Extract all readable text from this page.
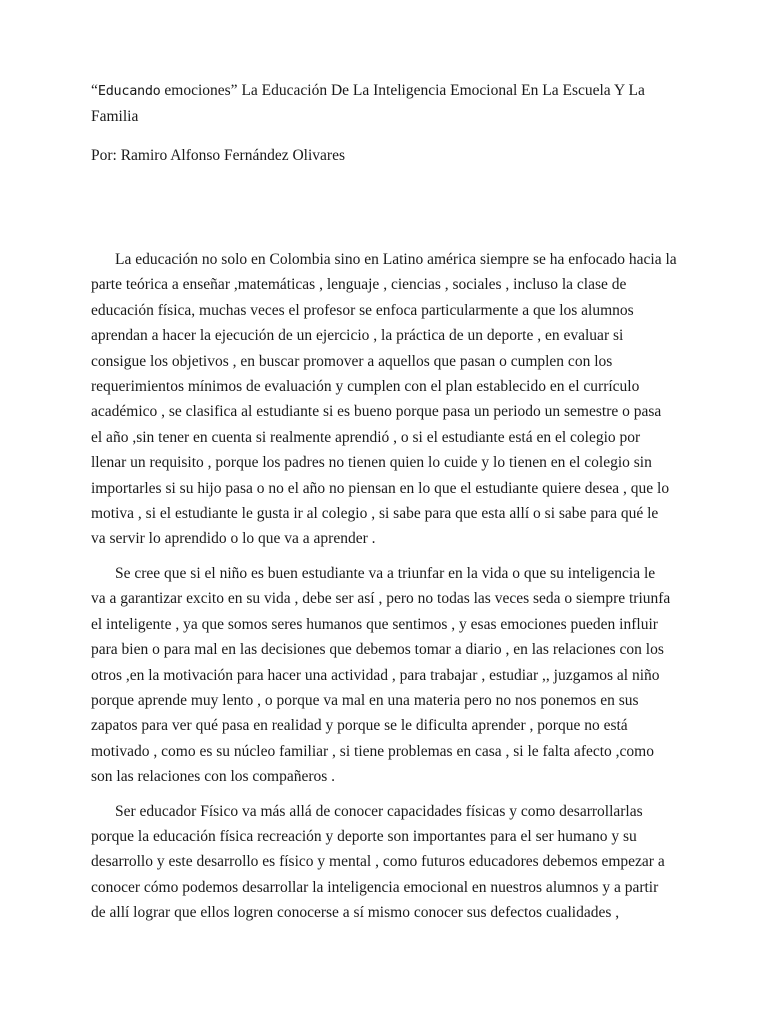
“Educando emociones” La Educación De La Inteligencia Emocional En La Escuela Y La Familia

Por: Ramiro Alfonso Fernández Olivares

La educación no solo en Colombia sino en Latino américa siempre se ha enfocado hacia la
parte teórica a enseñar ,matemáticas , lenguaje , ciencias , sociales , incluso la clase de
educación física, muchas veces el profesor se enfoca particularmente a que los alumnos
aprendan a hacer la ejecución de un ejercicio , la práctica de un deporte , en evaluar si
consigue los objetivos , en buscar promover a aquellos que pasan o cumplen con los
requerimientos mínimos de evaluación y cumplen con el plan establecido en el currículo
académico , se clasifica al estudiante si es bueno porque pasa un periodo un semestre o pasa
el año ,sin tener en cuenta si realmente aprendió , o si el estudiante está en el colegio por
llenar un requisito , porque los padres no tienen quien lo cuide y lo tienen en el colegio sin
importarles si su hijo pasa o no el año no piensan en lo que el estudiante quiere desea , que lo
motiva , si el estudiante le gusta ir al colegio , si sabe para que esta allí o si sabe para qué le
va servir lo aprendido o lo que va a aprender .

Se cree que si el niño es buen estudiante va a triunfar en la vida o que su inteligencia le
va a garantizar excito en su vida , debe ser así , pero no todas las veces seda o siempre triunfa
el inteligente , ya que somos seres humanos que sentimos , y esas emociones pueden influir
para bien o para mal en las decisiones que debemos tomar a diario , en las relaciones con los
otros ,en la motivación para hacer una actividad , para trabajar , estudiar ,, juzgamos al niño
porque aprende muy lento , o porque va mal en una materia pero no nos ponemos en sus
zapatos para ver qué pasa en realidad y porque se le dificulta aprender , porque no está
motivado , como es su núcleo familiar , si tiene problemas en casa , si le falta afecto ,como
son las relaciones con los compañeros .

Ser educador Físico va más allá de conocer capacidades físicas y como desarrollarlas
porque la educación física recreación y deporte son importantes para el ser humano y su
desarrollo y este desarrollo es físico y mental , como futuros educadores debemos empezar a
conocer cómo podemos desarrollar la inteligencia emocional en nuestros alumnos y a partir
de allí lograr que ellos logren conocerse a sí mismo conocer sus defectos cualidades ,
